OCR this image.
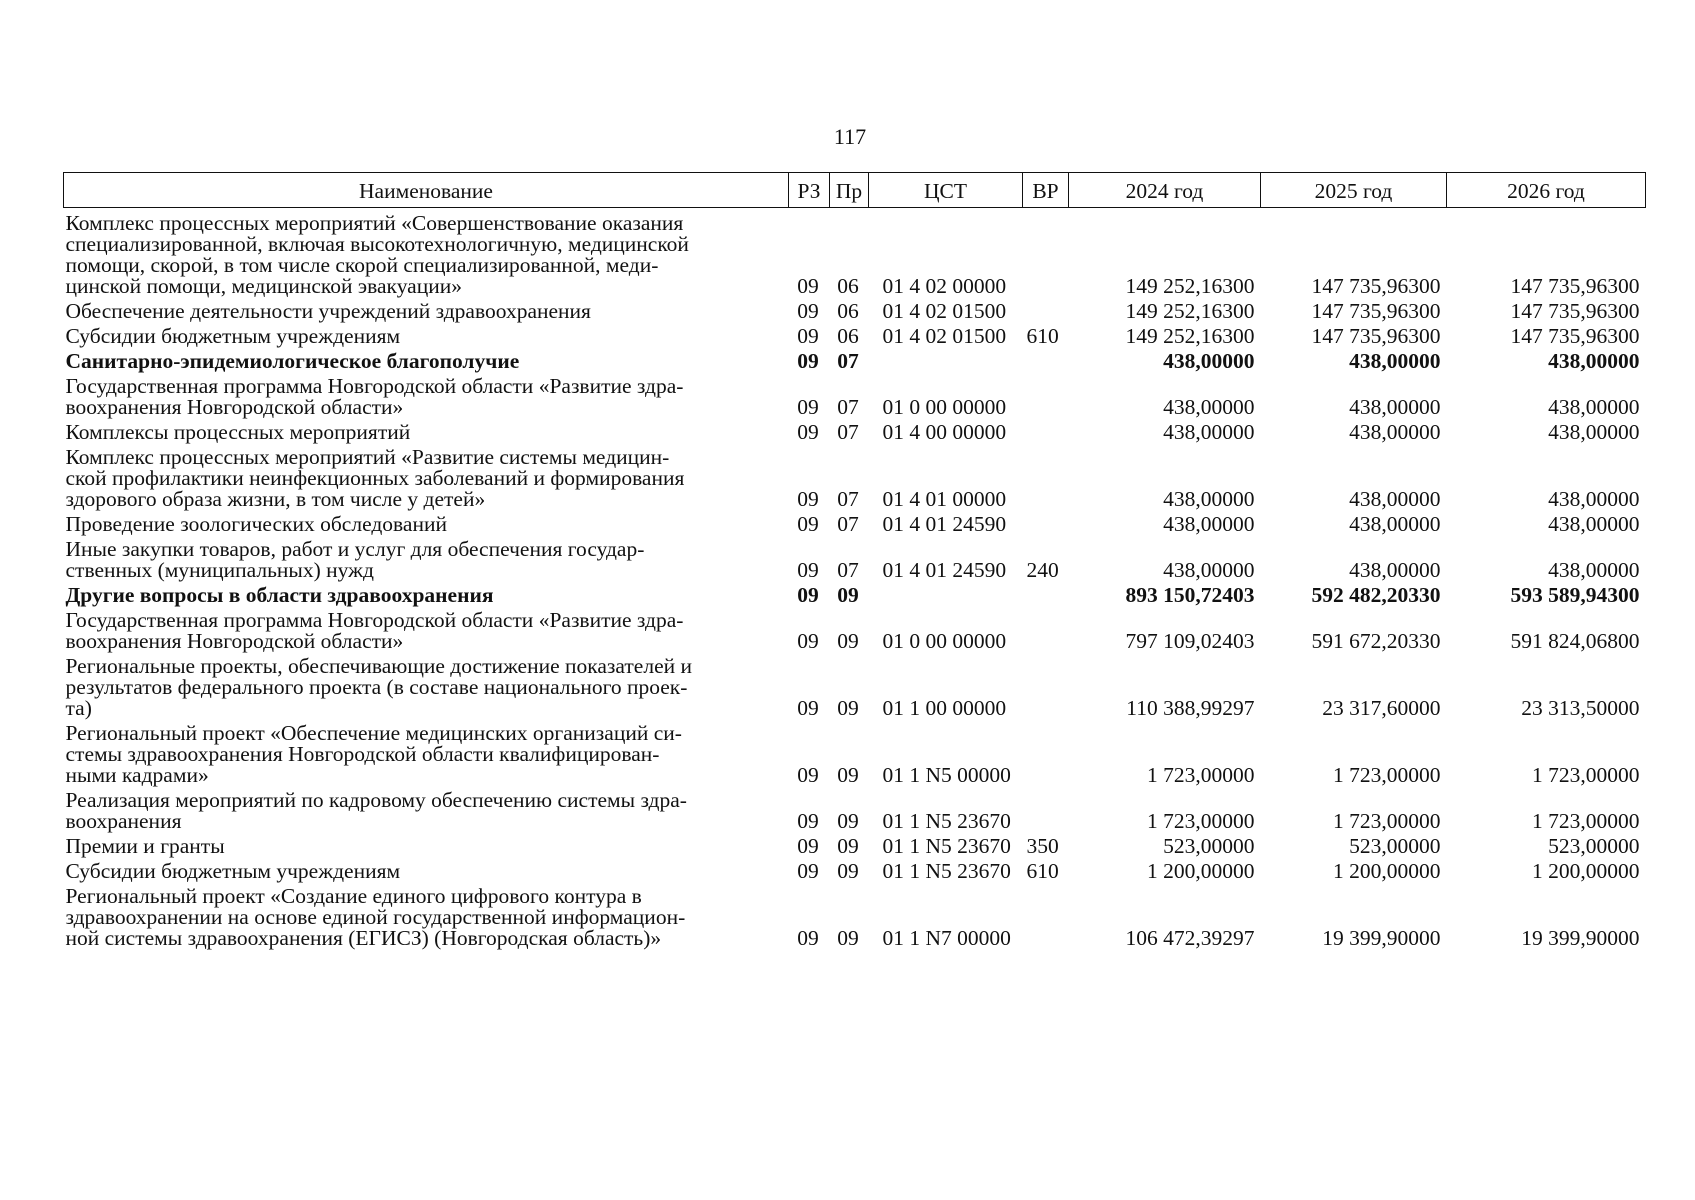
117
Наименование	РЗ	Пр	ЦСТ	ВР	2024 год	2025 год	2026 год
Комплекс процессных мероприятий «Совершенствование оказания
специализированной, включая высокотехнологичную, медицинской
помощи, скорой, в том числе скорой специализированной, меди-
цинской помощи, медицинской эвакуации»	09	06	01 4 02 00000		149 252,16300	147 735,96300	147 735,96300
Обеспечение деятельности учреждений здравоохранения	09	06	01 4 02 01500		149 252,16300	147 735,96300	147 735,96300
Субсидии бюджетным учреждениям	09	06	01 4 02 01500	610	149 252,16300	147 735,96300	147 735,96300
Санитарно-эпидемиологическое благополучие	09	07			438,00000	438,00000	438,00000
Государственная программа Новгородской области «Развитие здра-
воохранения Новгородской области»	09	07	01 0 00 00000		438,00000	438,00000	438,00000
Комплексы процессных мероприятий	09	07	01 4 00 00000		438,00000	438,00000	438,00000
Комплекс процессных мероприятий «Развитие системы медицин-
ской профилактики неинфекционных заболеваний и формирования
здорового образа жизни, в том числе у детей»	09	07	01 4 01 00000		438,00000	438,00000	438,00000
Проведение зоологических обследований	09	07	01 4 01 24590		438,00000	438,00000	438,00000
Иные закупки товаров, работ и услуг для обеспечения государ-
ственных (муниципальных) нужд	09	07	01 4 01 24590	240	438,00000	438,00000	438,00000
Другие вопросы в области здравоохранения	09	09			893 150,72403	592 482,20330	593 589,94300
Государственная программа Новгородской области «Развитие здра-
воохранения Новгородской области»	09	09	01 0 00 00000		797 109,02403	591 672,20330	591 824,06800
Региональные проекты, обеспечивающие достижение показателей и
результатов федерального проекта (в составе национального проек-
та)	09	09	01 1 00 00000		110 388,99297	23 317,60000	23 313,50000
Региональный проект «Обеспечение медицинских организаций си-
стемы здравоохранения Новгородской области квалифицирован-
ными кадрами»	09	09	01 1 N5 00000		1 723,00000	1 723,00000	1 723,00000
Реализация мероприятий по кадровому обеспечению системы здра-
воохранения	09	09	01 1 N5 23670		1 723,00000	1 723,00000	1 723,00000
Премии и гранты	09	09	01 1 N5 23670	350	523,00000	523,00000	523,00000
Субсидии бюджетным учреждениям	09	09	01 1 N5 23670	610	1 200,00000	1 200,00000	1 200,00000
Региональный проект «Создание единого цифрового контура в
здравоохранении на основе единой государственной информацион-
ной системы здравоохранения (ЕГИСЗ) (Новгородская область)»	09	09	01 1 N7 00000		106 472,39297	19 399,90000	19 399,90000
